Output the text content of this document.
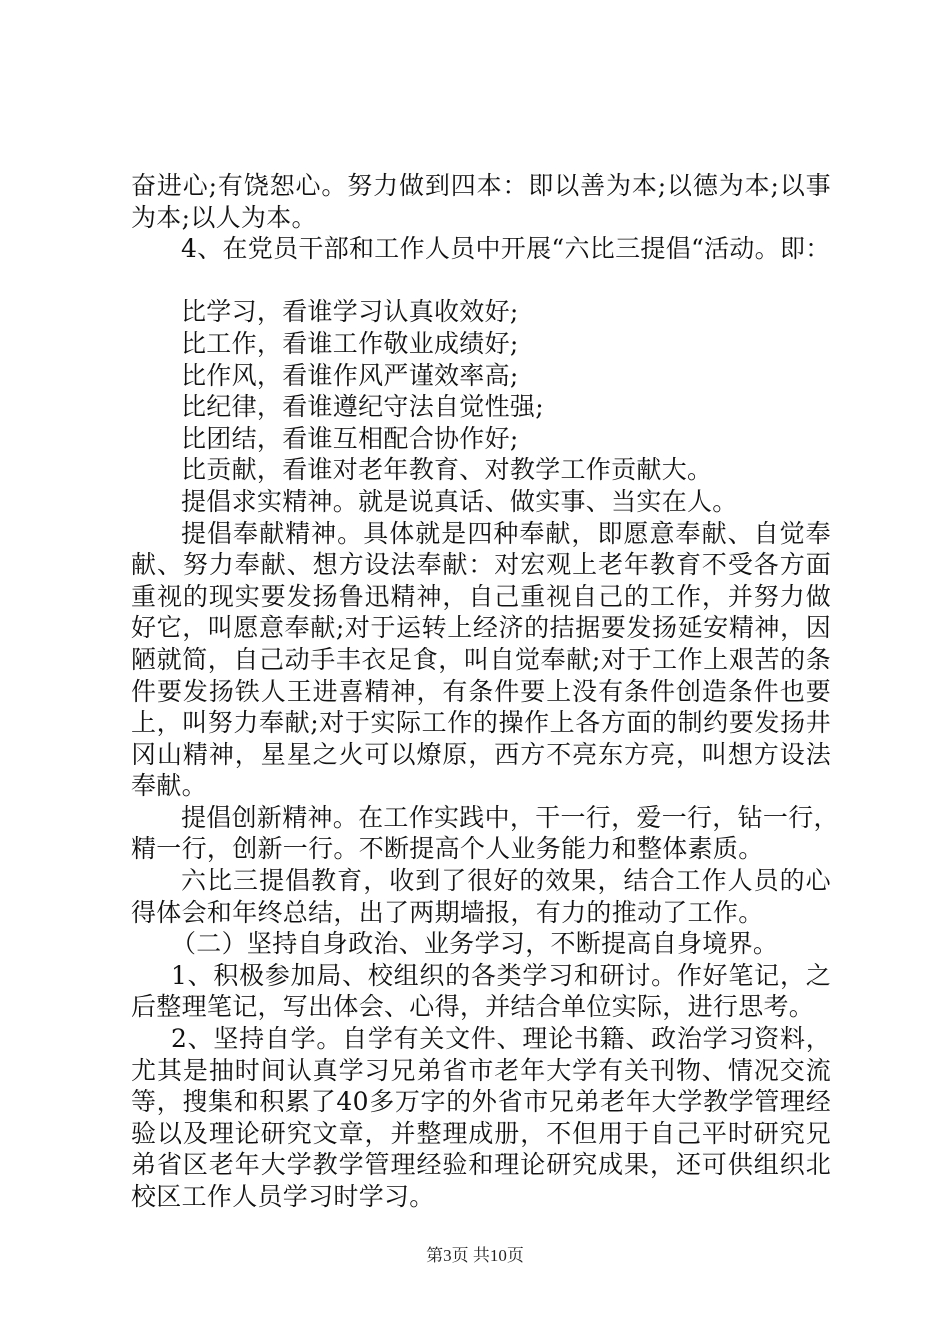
奋进心;有饶恕心。努力做到四本：即以善为本;以德为本;以事
为本;以人为本。
4、在党员干部和工作人员中开展“六比三提倡“活动。即：
比学习，看谁学习认真收效好;
比工作，看谁工作敬业成绩好;
比作风，看谁作风严谨效率高;
比纪律，看谁遵纪守法自觉性强;
比团结，看谁互相配合协作好;
比贡献，看谁对老年教育、对教学工作贡献大。
提倡求实精神。就是说真话、做实事、当实在人。
提倡奉献精神。具体就是四种奉献，即愿意奉献、自觉奉
献、努力奉献、想方设法奉献：对宏观上老年教育不受各方面
重视的现实要发扬鲁迅精神，自己重视自己的工作，并努力做
好它，叫愿意奉献;对于运转上经济的拮据要发扬延安精神，因
陋就简，自己动手丰衣足食，叫自觉奉献;对于工作上艰苦的条
件要发扬铁人王进喜精神，有条件要上没有条件创造条件也要
上，叫努力奉献;对于实际工作的操作上各方面的制约要发扬井
冈山精神，星星之火可以燎原，西方不亮东方亮，叫想方设法
奉献。
提倡创新精神。在工作实践中，干一行，爱一行，钻一行，
精一行，创新一行。不断提高个人业务能力和整体素质。
六比三提倡教育，收到了很好的效果，结合工作人员的心
得体会和年终总结，出了两期墙报，有力的推动了工作。
（二）坚持自身政治、业务学习，不断提高自身境界。
1、积极参加局、校组织的各类学习和研讨。作好笔记，之
后整理笔记，写出体会、心得，并结合单位实际，进行思考。
2、坚持自学。自学有关文件、理论书籍、政治学习资料，
尤其是抽时间认真学习兄弟省市老年大学有关刊物、情况交流
等，搜集和积累了40多万字的外省市兄弟老年大学教学管理经
验以及理论研究文章，并整理成册，不但用于自己平时研究兄
弟省区老年大学教学管理经验和理论研究成果，还可供组织北
校区工作人员学习时学习。
第3页 共10页
